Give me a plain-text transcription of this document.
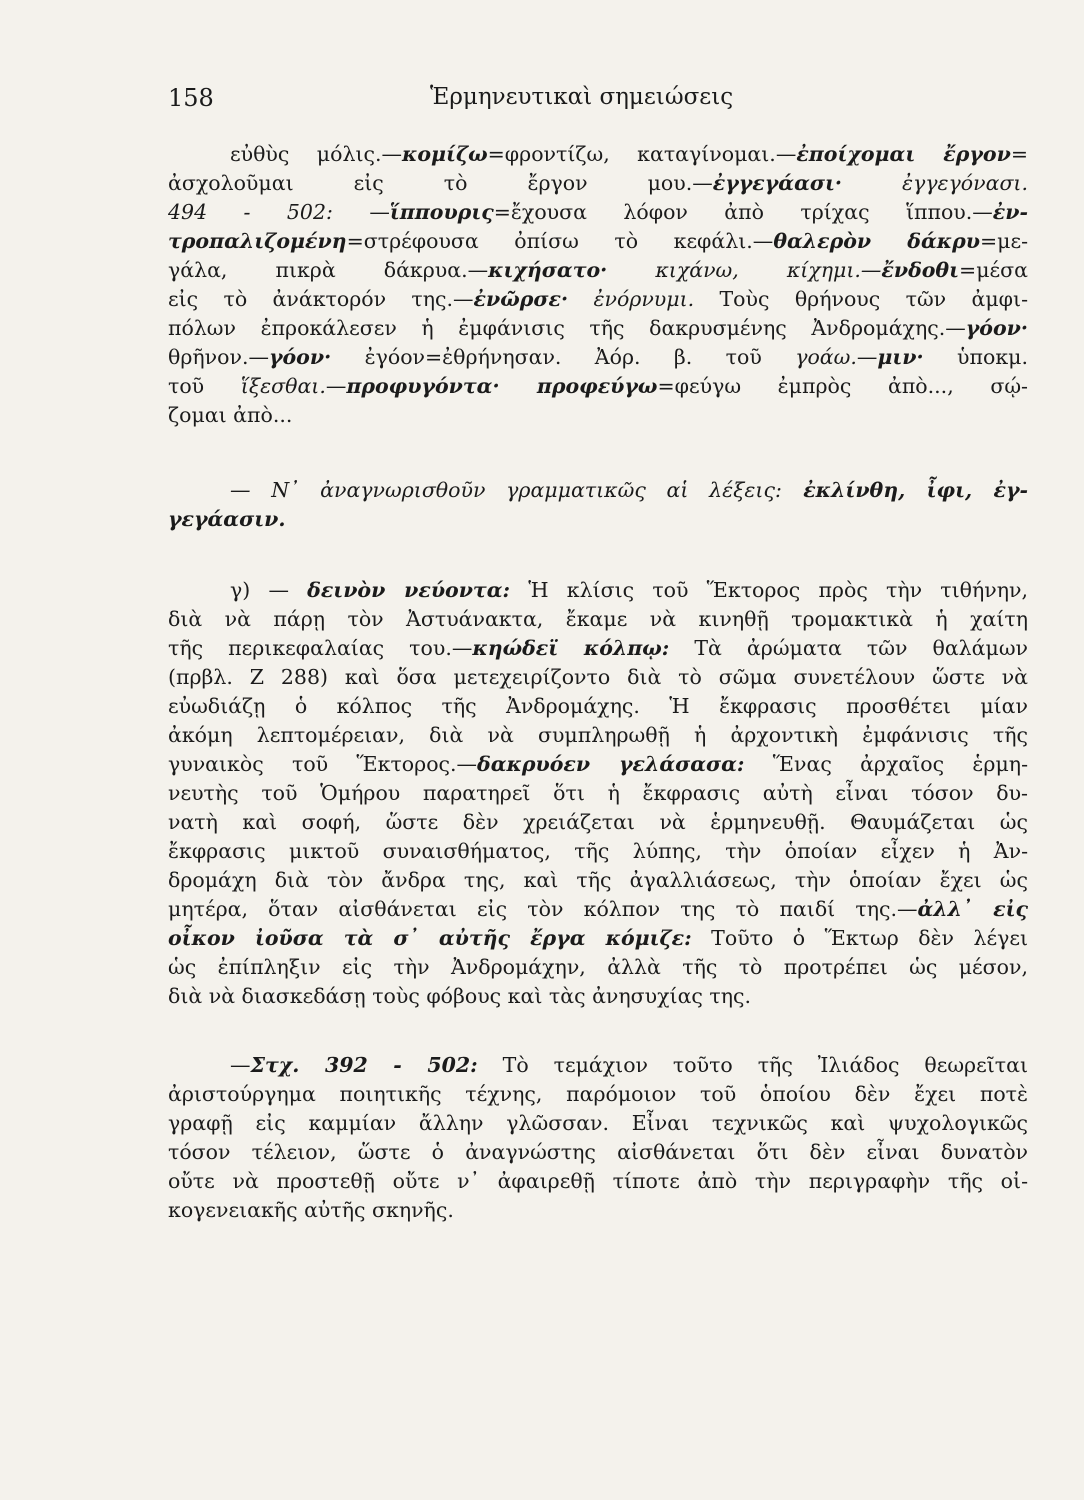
158	Ἑρμηνευτικαὶ σημειώσεις
εὐθὺς μόλις.—κομίζω=φροντίζω, καταγίνομαι.—ἐποίχομαι ἔργον=
ἀσχολοῦμαι εἰς τὸ ἔργον μου.—ἐγγεγάασι· ἐγγεγόνασι.
494 - 502: —ἵππουρις=ἔχουσα λόφον ἀπὸ τρίχας ἵππου.—ἐν-
τροπαλιζομένη=στρέφουσα ὀπίσω τὸ κεφάλι.—θαλερὸν δάκρυ=με-
γάλα, πικρὰ δάκρυα.—κιχήσατο· κιχάνω, κίχημι.—ἔνδοθι=μέσα
εἰς τὸ ἀνάκτορόν της.—ἐνῶρσε· ἐνόρνυμι. Τοὺς θρήνους τῶν ἀμφι-
πόλων ἐπροκάλεσεν ἡ ἐμφάνισις τῆς δακρυσμένης Ἀνδρομάχης.—γόον·
θρῆνον.—γόον· ἐγόον=ἐθρήνησαν. Ἀόρ. β. τοῦ γοάω.—μιν· ὑποκμ.
τοῦ ἵξεσθαι.—προφυγόντα· προφεύγω=φεύγω ἐμπρὸς ἀπὸ..., σῴ-
ζομαι ἀπὸ...
— Ν᾽ ἀναγνωρισθοῦν γραμματικῶς αἱ λέξεις: ἐκλίνθη, ἶφι, ἐγ-
γεγάασιν.
γ) — δεινὸν νεύοντα: Ἡ κλίσις τοῦ Ἕκτορος πρὸς τὴν τιθήνην,
διὰ νὰ πάρῃ τὸν Ἀστυάνακτα, ἔκαμε νὰ κινηθῇ τρομακτικὰ ἡ χαίτη
τῆς περικεφαλαίας του.—κηώδεϊ κόλπῳ: Τὰ ἀρώματα τῶν θαλάμων
(πρβλ. Ζ 288) καὶ ὅσα μετεχειρίζοντο διὰ τὸ σῶμα συνετέλουν ὥστε νὰ
εὐωδιάζῃ ὁ κόλπος τῆς Ἀνδρομάχης. Ἡ ἔκφρασις προσθέτει μίαν
ἀκόμη λεπτομέρειαν, διὰ νὰ συμπληρωθῇ ἡ ἀρχοντικὴ ἐμφάνισις τῆς
γυναικὸς τοῦ Ἕκτορος.—δακρυόεν γελάσασα: Ἕνας ἀρχαῖος ἑρμη-
νευτὴς τοῦ Ὁμήρου παρατηρεῖ ὅτι ἡ ἔκφρασις αὐτὴ εἶναι τόσον δυ-
νατὴ καὶ σοφή, ὥστε δὲν χρειάζεται νὰ ἑρμηνευθῇ. Θαυμάζεται ὡς
ἔκφρασις μικτοῦ συναισθήματος, τῆς λύπης, τὴν ὁποίαν εἶχεν ἡ Ἀν-
δρομάχη διὰ τὸν ἄνδρα της, καὶ τῆς ἀγαλλιάσεως, τὴν ὁποίαν ἔχει ὡς
μητέρα, ὅταν αἰσθάνεται εἰς τὸν κόλπον της τὸ παιδί της.—ἀλλ᾽ εἰς
οἶκον ἰοῦσα τὰ σ᾽ αὐτῆς ἔργα κόμιζε: Τοῦτο ὁ Ἕκτωρ δὲν λέγει
ὡς ἐπίπληξιν εἰς τὴν Ἀνδρομάχην, ἀλλὰ τῆς τὸ προτρέπει ὡς μέσον,
διὰ νὰ διασκεδάσῃ τοὺς φόβους καὶ τὰς ἀνησυχίας της.
—Στχ. 392 - 502: Τὸ τεμάχιον τοῦτο τῆς Ἰλιάδος θεωρεῖται
ἀριστούργημα ποιητικῆς τέχνης, παρόμοιον τοῦ ὁποίου δὲν ἔχει ποτὲ
γραφῇ εἰς καμμίαν ἄλλην γλῶσσαν. Εἶναι τεχνικῶς καὶ ψυχολογικῶς
τόσον τέλειον, ὥστε ὁ ἀναγνώστης αἰσθάνεται ὅτι δὲν εἶναι δυνατὸν
οὔτε νὰ προστεθῇ οὔτε ν᾽ ἀφαιρεθῇ τίποτε ἀπὸ τὴν περιγραφὴν τῆς οἰ-
κογενειακῆς αὐτῆς σκηνῆς.
